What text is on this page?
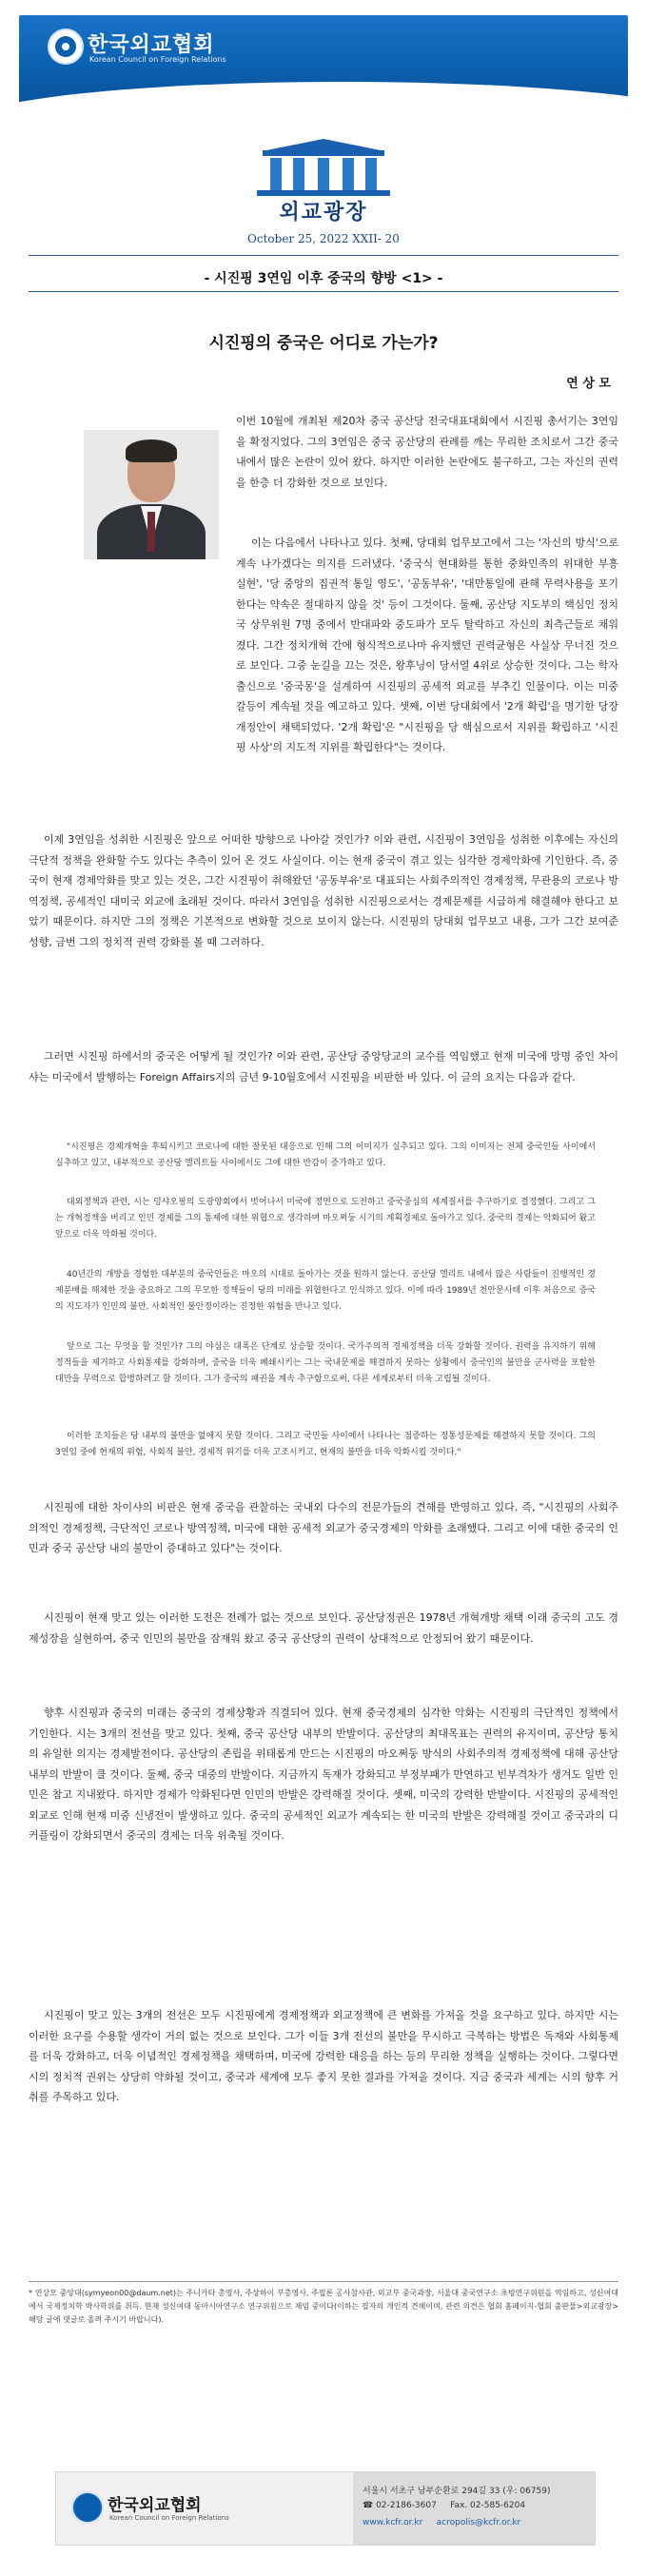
한국외교협회
Korean Council on Foreign Relations
외교광장
October 25, 2022 XXII- 20
- 시진핑 3연임 이후 중국의 향방 <1> -
시진핑의 중국은 어디로 가는가?
연 상 모
이번 10월에 개최된 제20차 중국 공산당 전국대표대회에서 시진핑 총서기는 3연임을 확정지었다. 그의 3연임은 중국 공산당의 관례를 깨는 무리한 조치로서 그간 중국 내에서 많은 논란이 있어 왔다. 하지만 이러한 논란에도 불구하고, 그는 자신의 권력을 한층 더 강화한 것으로 보인다.
이는 다음에서 나타나고 있다. 첫째, 당대회 업무보고에서 그는 '자신의 방식'으로 계속 나가겠다는 의지를 드러냈다. '중국식 현대화를 통한 중화민족의 위대한 부흥 실현', '당 중앙의 집권적 통일 영도', '공동부유', '대만통일에 관해 무력사용을 포기한다는 약속은 절대하지 않을 것' 등이 그것이다. 둘째, 공산당 지도부의 핵심인 정치국 상무위원 7명 중에서 반대파와 중도파가 모두 탈락하고 자신의 최측근들로 채워졌다. 그간 정치개혁 간에 형식적으로나마 유지했던 권력균형은 사실상 무너진 것으로 보인다. 그중 눈길을 끄는 것은, 왕후닝이 당서열 4위로 상승한 것이다. 그는 학자 출신으로 '중국몽'을 설계하여 시진핑의 공세적 외교를 부추긴 인물이다. 이는 미중 갈등이 계속될 것을 예고하고 있다. 셋째, 이번 당대회에서 '2개 확립'을 명기한 당장 개정안이 채택되었다. '2개 확립'은 "시진핑을 당 핵심으로서 지위를 확립하고 '시진핑 사상'의 지도적 지위를 확립한다"는 것이다.
이제 3연임을 성취한 시진핑은 앞으로 어떠한 방향으로 나아갈 것인가? 이와 관련, 시진핑이 3연임을 성취한 이후에는 자신의 극단적 정책을 완화할 수도 있다는 추측이 있어 온 것도 사실이다. 이는 현재 중국이 겪고 있는 심각한 경제악화에 기인한다. 즉, 중국이 현재 경제악화를 맞고 있는 것은, 그간 시진핑이 취해왔던 '공동부유'로 대표되는 사회주의적인 경제정책, 무관용의 코로나 방역정책, 공세적인 대미국 외교에 초래된 것이다. 따라서 3연임을 성취한 시진핑으로서는 경제문제를 시급하게 해결해야 한다고 보았기 때문이다. 하지만 그의 정책은 기본적으로 변화할 것으로 보이지 않는다. 시진핑의 당대회 업무보고 내용, 그가 그간 보여준 성향, 금번 그의 정치적 권력 강화를 볼 때 그러하다.
그러면 시진핑 하에서의 중국은 어떻게 될 것인가? 이와 관련, 공산당 중앙당교의 교수를 역임했고 현재 미국에 망명 중인 차이샤는 미국에서 발행하는 Foreign Affairs지의 금년 9-10월호에서 시진핑을 비판한 바 있다. 이 글의 요지는 다음과 같다.
"시진핑은 경제개혁을 후퇴시키고 코로나에 대한 잘못된 대응으로 인해 그의 이미지가 실추되고 있다. 그의 이미지는 전체 중국인들 사이에서 실추하고 있고, 내부적으로 공산당 엘리트들 사이에서도 그에 대한 반감이 증가하고 있다.
대외정책과 관련, 시는 덩샤오핑의 도광양회에서 벗어나서 미국에 정면으로 도전하고 중국중심의 세계질서를 추구하기로 결정했다. 그리고 그는 개혁정책을 버리고 인민 경제를 그의 통제에 대한 위협으로 생각하며 마오쩌둥 시기의 계획경제로 돌아가고 있다. 중국의 경제는 악화되어 왔고 앞으로 더욱 악화될 것이다.
40년간의 개방을 경험한 대부분의 중국인들은 마오의 시대로 돌아가는 것을 원하지 않는다. 공산당 엘리트 내에서 많은 사람들이 진행적인 경제분배를 해체한 것을 중요하고 그의 무모한 정책들이 당의 미래를 위협한다고 인식하고 있다. 이에 따라 1989년 천안문사태 이후 처음으로 중국의 지도자가 인민의 불만, 사회적인 불안정이라는 진정한 위험을 만나고 있다.
앞으로 그는 무엇을 할 것인가? 그의 야심은 대폭은 단계로 상승할 것이다. 국가주의적 경제정책을 더욱 강화할 것이다. 권력을 유지하기 위해 정적들을 제거하고 사회통제를 강화하며, 중국을 더욱 폐쇄시키는 그는 국내문제를 해결하지 못하는 상황에서 중국인의 불만을 군사력을 포함한 대만을 무력으로 합병하려고 할 것이다. 그가 중국의 패권을 계속 추구함으로써, 다른 세계로부터 더욱 고립될 것이다.
이러한 조치들은 당 내부의 불만을 없애지 못할 것이다. 그리고 국민들 사이에서 나타나는 점증하는 정통성문제를 해결하지 못할 것이다. 그의 3연임 중에 현재의 위험, 사회적 불안, 경제적 위기를 더욱 고조시키고, 현재의 불만을 더욱 악화시킬 것이다."
시진핑에 대한 차이샤의 비판은 현재 중국을 관찰하는 국내외 다수의 전문가들의 견해를 반영하고 있다. 즉, "시진핑의 사회주의적인 경제정책, 극단적인 코로나 방역정책, 미국에 대한 공세적 외교가 중국경제의 악화를 초래했다. 그리고 이에 대한 중국의 인민과 중국 공산당 내의 불만이 증대하고 있다"는 것이다.
시진핑이 현재 맞고 있는 이러한 도전은 전례가 없는 것으로 보인다. 공산당정권은 1978년 개혁개방 채택 이래 중국의 고도 경제성장을 실현하여, 중국 인민의 불만을 잠재워 왔고 중국 공산당의 권력이 상대적으로 안정되어 왔기 때문이다.
향후 시진핑과 중국의 미래는 중국의 경제상황과 직결되어 있다. 현재 중국경제의 심각한 악화는 시진핑의 극단적인 정책에서 기인한다. 시는 3개의 전선을 맞고 있다. 첫째, 중국 공산당 내부의 반발이다. 공산당의 최대목표는 권력의 유지이며, 공산당 통치의 유일한 의지는 경제발전이다. 공산당의 존립을 위태롭게 만드는 시진핑의 마오쩌둥 방식의 사회주의적 경제정책에 대해 공산당 내부의 반발이 클 것이다. 둘째, 중국 대중의 반발이다. 지금까지 독재가 강화되고 부정부패가 만연하고 빈부격차가 생겨도 일반 인민은 참고 지내왔다. 하지만 경제가 악화된다면 인민의 반발은 강력해질 것이다. 셋째, 미국의 강력한 반발이다. 시진핑의 공세적인 외교로 인해 현재 미중 신냉전이 발생하고 있다. 중국의 공세적인 외교가 계속되는 한 미국의 반발은 강력해질 것이고 중국과의 디커플링이 강화되면서 중국의 경제는 더욱 위축될 것이다.
시진핑이 맞고 있는 3개의 전선은 모두 시진핑에게 경제정책과 외교정책에 큰 변화를 가져올 것을 요구하고 있다. 하지만 시는 이러한 요구를 수용할 생각이 거의 없는 것으로 보인다. 그가 이들 3개 전선의 불만을 무시하고 극복하는 방법은 독재와 사회통제를 더욱 강화하고, 더욱 이념적인 경제정책을 채택하며, 미국에 강력한 대응을 하는 등의 무리한 정책을 실행하는 것이다. 그렇다면 시의 정치적 권위는 상당히 약화될 것이고, 중국과 세계에 모두 좋지 못한 결과를 가져올 것이다. 지금 중국과 세계는 시의 향후 거취를 주목하고 있다.
* 연상모 중앙대(symyeon00@daum.net)는 주니카타 총영사, 주상하이 부총영사, 주필론 공사참사관, 외교부 중국과장, 서울대 중국연구소 초빙연구위원을 역임하고, 성신여대에서 국제정치학 박사학위를 취득. 현재 성신여대 동아시아연구소 연구위원으로 재임 중이다(이하는 필자의 개인적 견해이며, 관련 의견은 협회 홈페이지-협회 출판물>외교광장>해당 글에 댓글로 올려 주시기 바랍니다).
한국외교협회
Korean Council on Foreign Relations
서울시 서초구 남부순환로 294길 33 (우: 06759)
☎ 02-2186-3607 Fax. 02-585-6204
www.kcfr.or.kr acropolis@kcfr.or.kr
